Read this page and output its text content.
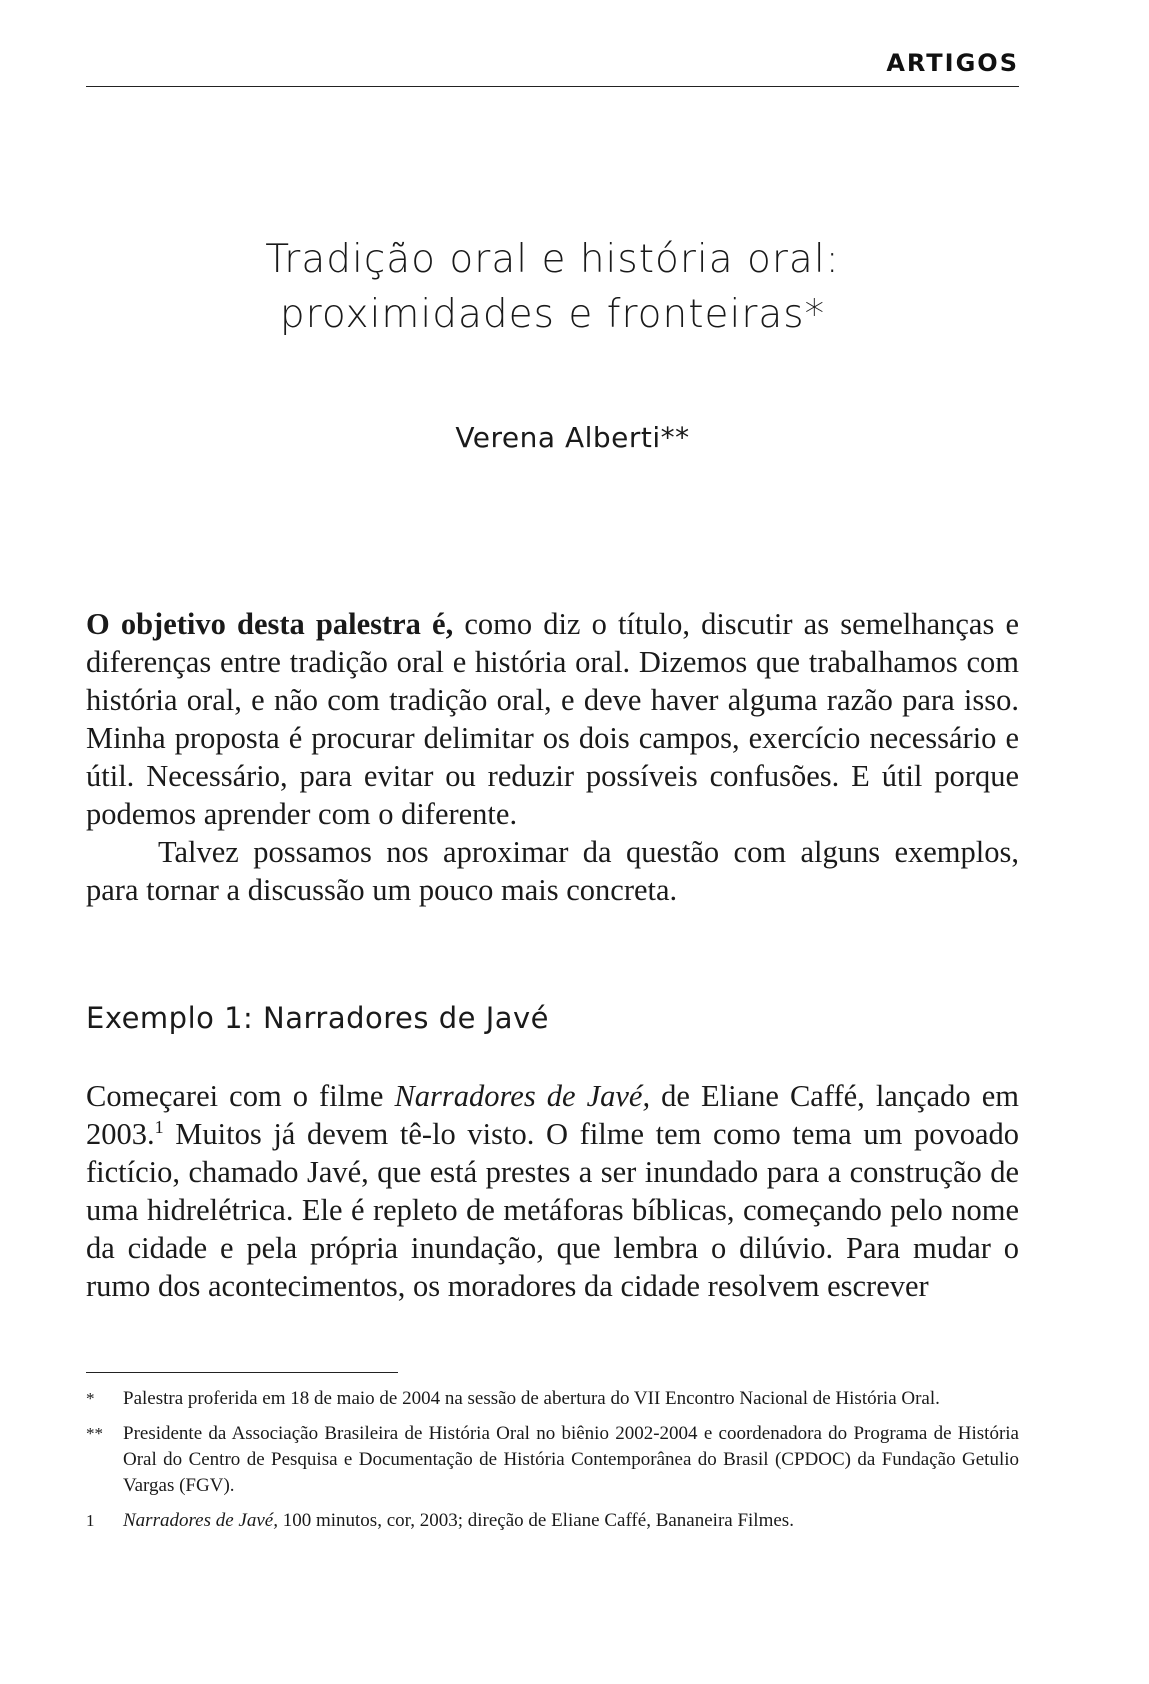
ARTIGOS
Tradição oral e história oral:
proximidades e fronteiras*
Verena Alberti**

O objetivo desta palestra é, como diz o título, discutir as semelhanças e diferenças entre tradição oral e história oral. Dizemos que trabalhamos com história oral, e não com tradição oral, e deve haver alguma razão para isso. Minha proposta é procurar delimitar os dois campos, exercício necessário e útil. Necessário, para evitar ou reduzir possíveis confusões. E útil porque podemos aprender com o diferente.

Talvez possamos nos aproximar da questão com alguns exemplos, para tornar a discussão um pouco mais concreta.

Exemplo 1: Narradores de Javé

Começarei com o filme Narradores de Javé, de Eliane Caffé, lançado em 2003.$^1$ Muitos já devem tê-lo visto. O filme tem como tema um povoado fictício, chamado Javé, que está prestes a ser inundado para a construção de uma hidrelétrica. Ele é repleto de metáforas bíblicas, começando pelo nome da cidade e pela própria inundação, que lembra o dilúvio. Para mudar o rumo dos acontecimentos, os moradores da cidade resolvem escrever

*	Palestra proferida em 18 de maio de 2004 na sessão de abertura do VII Encontro Nacional de História Oral.
**	Presidente da Associação Brasileira de História Oral no biênio 2002-2004 e coordenadora do Programa de História Oral do Centro de Pesquisa e Documentação de História Contemporânea do Brasil (CPDOC) da Fundação Getulio Vargas (FGV).
1	Narradores de Javé, 100 minutos, cor, 2003; direção de Eliane Caffé, Bananeira Filmes.
